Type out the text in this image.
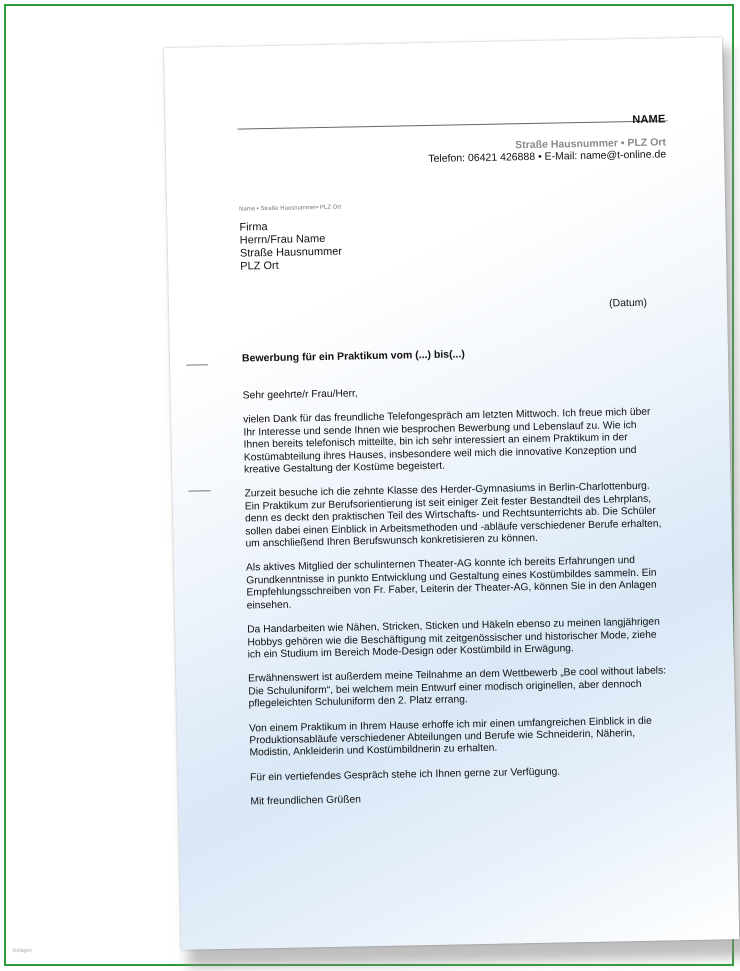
NAME
Straße Hausnummer • PLZ Ort
Telefon: 06421 426888 • E-Mail: name@t-online.de
Name • Straße Hausnummer• PLZ Ort
Firma
Herrn/Frau Name
Straße Hausnummer
PLZ Ort
(Datum)
Bewerbung für ein Praktikum vom (...) bis(...)

Sehr geehrte/r Frau/Herr,

vielen Dank für das freundliche Telefongespräch am letzten Mittwoch. Ich freue mich über Ihr Interesse und sende Ihnen wie besprochen Bewerbung und Lebenslauf zu. Wie ich Ihnen bereits telefonisch mitteilte, bin ich sehr interessiert an einem Praktikum in der Kostümabteilung ihres Hauses, insbesondere weil mich die innovative Konzeption und kreative Gestaltung der Kostüme begeistert.

Zurzeit besuche ich die zehnte Klasse des Herder-Gymnasiums in Berlin-Charlottenburg. Ein Praktikum zur Berufsorientierung ist seit einiger Zeit fester Bestandteil des Lehrplans, denn es deckt den praktischen Teil des Wirtschafts- und Rechtsunterrichts ab. Die Schüler sollen dabei einen Einblick in Arbeitsmethoden und -abläufe verschiedener Berufe erhalten, um anschließend Ihren Berufswunsch konkretisieren zu können.

Als aktives Mitglied der schulinternen Theater-AG konnte ich bereits Erfahrungen und Grundkenntnisse in punkto Entwicklung und Gestaltung eines Kostümbildes sammeln. Ein Empfehlungsschreiben von Fr. Faber, Leiterin der Theater-AG, können Sie in den Anlagen einsehen.

Da Handarbeiten wie Nähen, Stricken, Sticken und Häkeln ebenso zu meinen langjährigen Hobbys gehören wie die Beschäftigung mit zeitgenössischer und historischer Mode, ziehe ich ein Studium im Bereich Mode-Design oder Kostümbild in Erwägung.

Erwähnenswert ist außerdem meine Teilnahme an dem Wettbewerb „Be cool without labels: Die Schuluniform“, bei welchem mein Entwurf einer modisch originellen, aber dennoch pflegeleichten Schuluniform den 2. Platz errang.

Von einem Praktikum in Ihrem Hause erhoffe ich mir einen umfangreichen Einblick in die Produktionsabläufe verschiedener Abteilungen und Berufe wie Schneiderin, Näherin, Modistin, Ankleiderin und Kostümbildnerin zu erhalten.

Für ein vertiefendes Gespräch stehe ich Ihnen gerne zur Verfügung.

Mit freundlichen Grüßen

Vorlagen
